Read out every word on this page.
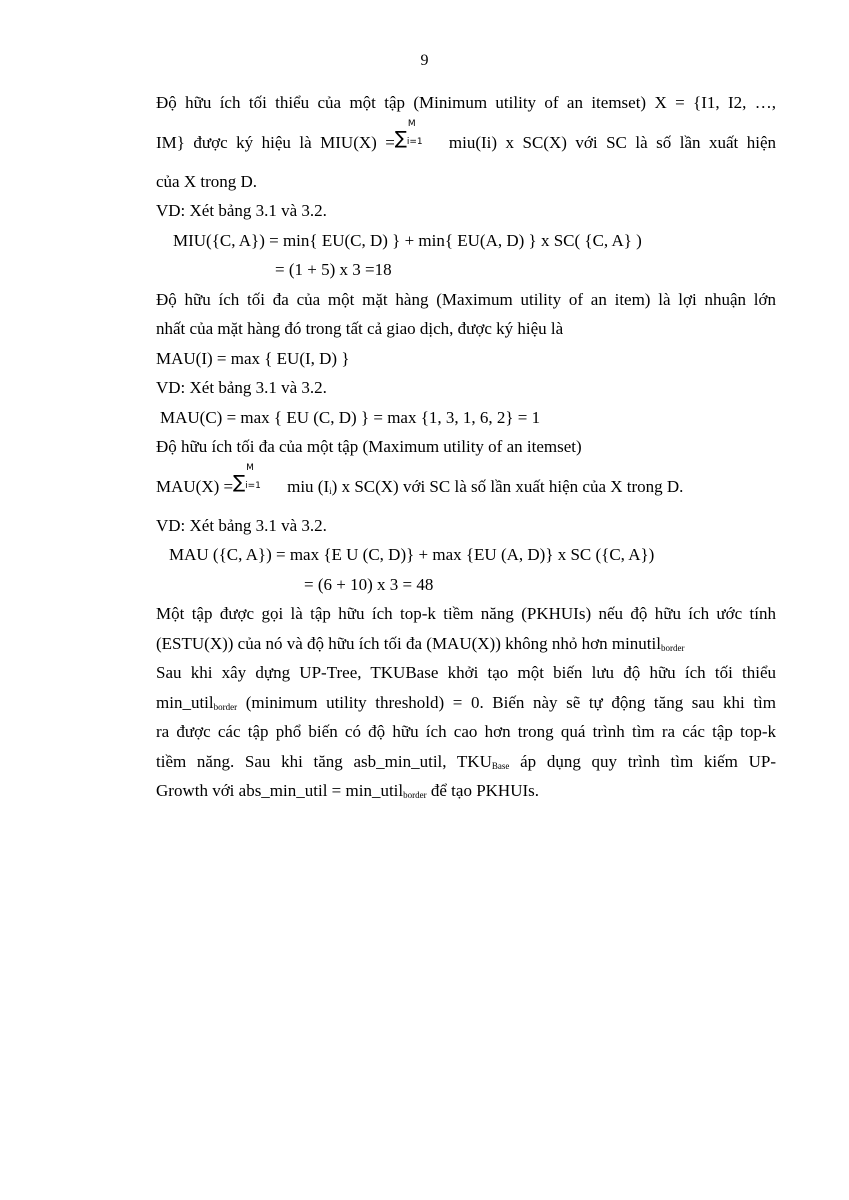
9
Độ hữu ích tối thiểu của một tập (Minimum utility of an itemset) X = {I1, I2, …,
IM} được ký hiệu là MIU(X) = ∑
M
i=1 miu(Ii) x SC(X) với SC là số lần xuất hiện
của X trong D.
VD: Xét bảng 3.1 và 3.2.
MIU({C, A}) = min{ EU(C, D) } + min{ EU(A, D) } x SC( {C, A} )
= (1 + 5) x 3 =18
Độ hữu ích tối đa của một mặt hàng (Maximum utility of an item) là lợi nhuận lớn
nhất của mặt hàng đó trong tất cả giao dịch, được ký hiệu là
MAU(I) = max { EU(I, D) }
VD: Xét bảng 3.1 và 3.2.
MAU(C) = max { EU (C, D) } = max {1, 3, 1, 6, 2} = 1
Độ hữu ích tối đa của một tập (Maximum utility of an itemset)
MAU(X) = ∑
M
i=1 miu $(I_i)$ x SC(X) với SC là số lần xuất hiện của X trong D.
VD: Xét bảng 3.1 và 3.2.
MAU ({C, A}) = max {E U (C, D)} + max {EU (A, D)} x SC ({C, A})
= (6 + 10) x 3 = 48
Một tập được gọi là tập hữu ích top-k tiềm năng (PKHUIs) nếu độ hữu ích ước tính
(ESTU(X)) của nó và độ hữu ích tối đa (MAU(X)) không nhỏ hơn minutil$_{border}$
Sau khi xây dựng UP-Tree, TKUBase khởi tạo một biến lưu độ hữu ích tối thiểu
min_util$_{border}$ (minimum utility threshold) = 0. Biến này sẽ tự động tăng sau khi tìm
ra được các tập phổ biến có độ hữu ích cao hơn trong quá trình tìm ra các tập top-k
tiềm năng. Sau khi tăng asb_min_util, $TKU_{Base}$ áp dụng quy trình tìm kiếm UP-
Growth với abs_min_util = min_util$_{border}$ để tạo PKHUIs.
